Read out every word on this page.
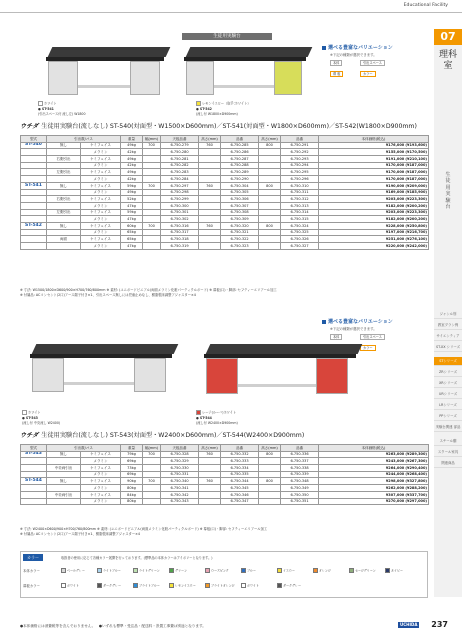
Educational Facility
07
理科室
生
徒
用
実
験
台
生徒用実験台
ホワイト
● ST-541
(引出スペース付 流し左) W1800
レモンイエロー（取手:ホワイト）
● ST-542
(流し付 W1800×D900mm)
選べる豊富なバリエーション
※下記の種類が選択できます。
本体	引出スペース
幕 板	カラー
ウチダ 生徒用実験台(流しなし) ST-540(対面型・W1500×D600mm)／ST-541(対面型・W1800×D600mm)／ST-542(W1800×D900mm)
型式	引出数/バス		重量	幅(mm)	天板品番	高さ(mm)	品番	高さ(mm)	品番	本体価格(税込)
ST-540	無し	ケミフェイス	49kg	700	6-750-279	760	6-750-285	800	6-750-291	¥176,000 (¥193,600)
		メラミン	42kg		6-750-280		6-750-286		6-750-292	¥155,000 (¥170,500)
	右側引出	ケミフェイス	49kg		6-750-281		6-750-287		6-750-293	¥191,000 (¥210,100)
		メラミン	42kg		6-750-282		6-750-288		6-750-294	¥170,000 (¥187,000)
	左側引出	ケミフェイス	49kg		6-750-283		6-750-289		6-750-295	¥170,000 (¥187,000)
		メラミン	42kg		6-750-284		6-750-290		6-750-296	¥170,000 (¥187,000)
ST-541	無し	ケミフェイス	59kg	700	6-750-297	760	6-750-304	800	6-750-310	¥190,000 (¥209,000)
		メラミン	49kg		6-750-298		6-750-305		6-750-311	¥169,000 (¥185,900)
	右側引出	ケミフェイス	52kg		6-750-299		6-750-306		6-750-312	¥203,000 (¥223,300)
		メラミン	47kg		6-750-300		6-750-307		6-750-313	¥182,000 (¥200,200)
	左側引出	ケミフェイス	59kg		6-750-301		6-750-308		6-750-314	¥203,000 (¥223,300)
		メラミン	47kg		6-750-302		6-750-309		6-750-315	¥182,000 (¥200,200)
ST-542	無し	ケミフェイス	60kg	700	6-750-316	760	6-750-320	800	6-750-324	¥228,000 (¥250,800)
		メラミン	65kg		6-750-317		6-750-321		6-750-325	¥197,000 (¥216,700)
	両面	ケミフェイス	65kg		6-750-318		6-750-322		6-750-326	¥251,000 (¥276,100)
		メラミン	47kg		6-750-319		6-750-323		6-750-327	¥220,000 (¥242,000)
※ 寸法: W1500/1800×D600/900×H700/760/800mm ※ 素材: (ユニボードビニアル(両面メラミン化粧パーティクルボード) ※ 幕板(口)・脚部: セフティーエリアール加工
※ 付属品: ACコンセント(2口)アース端子付き×1、引出スペース無しには児童止めなし、樹脂製床調整アジャスター×4
選べる豊富なバリエーション
※下記の種類が選択できます。
本体	引出スペース
カラー
ホワイト
● ST-543
(流し付 中央流し W2400)
レーテ(ルーバ)ホワイト
● ST-544
(流し付 W2400×D900mm)
ウチダ 生徒用実験台(流しなし) ST-543(対面型・W2400×D600mm)／ST-544(W2400×D900mm)
型式	引出数/バス		重量	幅(mm)	天板品番	高さ(mm)	品番	高さ(mm)	品番	本体価格(税込)
ST-543	無し	ケミフェイス	79kg	700	6-750-328	760	6-750-332	800	6-750-336	¥263,000 (¥289,300)
		メラミン	69kg		6-750-329		6-750-333		6-750-337	¥243,000 (¥267,300)
	中央両引出	ケミフェイス	73kg		6-750-330		6-750-334		6-750-338	¥264,000 (¥290,400)
		メラミン	69kg		6-750-331		6-750-335		6-750-339	¥244,000 (¥268,400)
ST-544	無し	ケミフェイス	90kg	700	6-750-340	760	6-750-344	800	6-750-348	¥298,000 (¥327,800)
		メラミン	80kg		6-750-341		6-750-345		6-750-349	¥262,000 (¥288,200)
	中央両引出	ケミフェイス	84kg		6-750-342		6-750-346		6-750-350	¥307,000 (¥337,700)
		メラミン	80kg		6-750-343		6-750-347		6-750-351	¥270,000 (¥297,000)
※ 寸法: W2400×D600/900×H700/760/800mm ※ 素材: (ユニボードビニアル(両面メラミン化粧パーティクルボード) ※ 幕板(口)・脚部: セフティーエリアール加工
※ 付属品: ACコンセント(2口)アース端子付き×1、樹脂製床調整アジャスター×4
カラー	取扱者の使用に応じて各種カラー展開を行っております。(標準品の本体カラーはアイボリーとなります。)
本体カラー	ペールグレー	ライトブルー	ライトグリーン	グリーン	ローズピンク	ブルー	イエロー	オレンジ	セージグリーン	ネイビー
幕板カラー	ホワイト	ダークグレー	ブライトブルー	レモンイエロー	ブライトオレンジ	ホワイト	ダークグレー
●本体価格には消費税等を含んでおりません。　●いずれも標準・受注品・配送料・設置工事費は別途となります。	UCHIDA 237
ジャンル別
教室プラン例
サイエンティア
ST-XX シリーズ
STシリーズ
ZRシリーズ
XRシリーズ
URシリーズ
LRシリーズ
PPシリーズ
実験台関連 部品
スチール棚
スクール家具
関連商品
